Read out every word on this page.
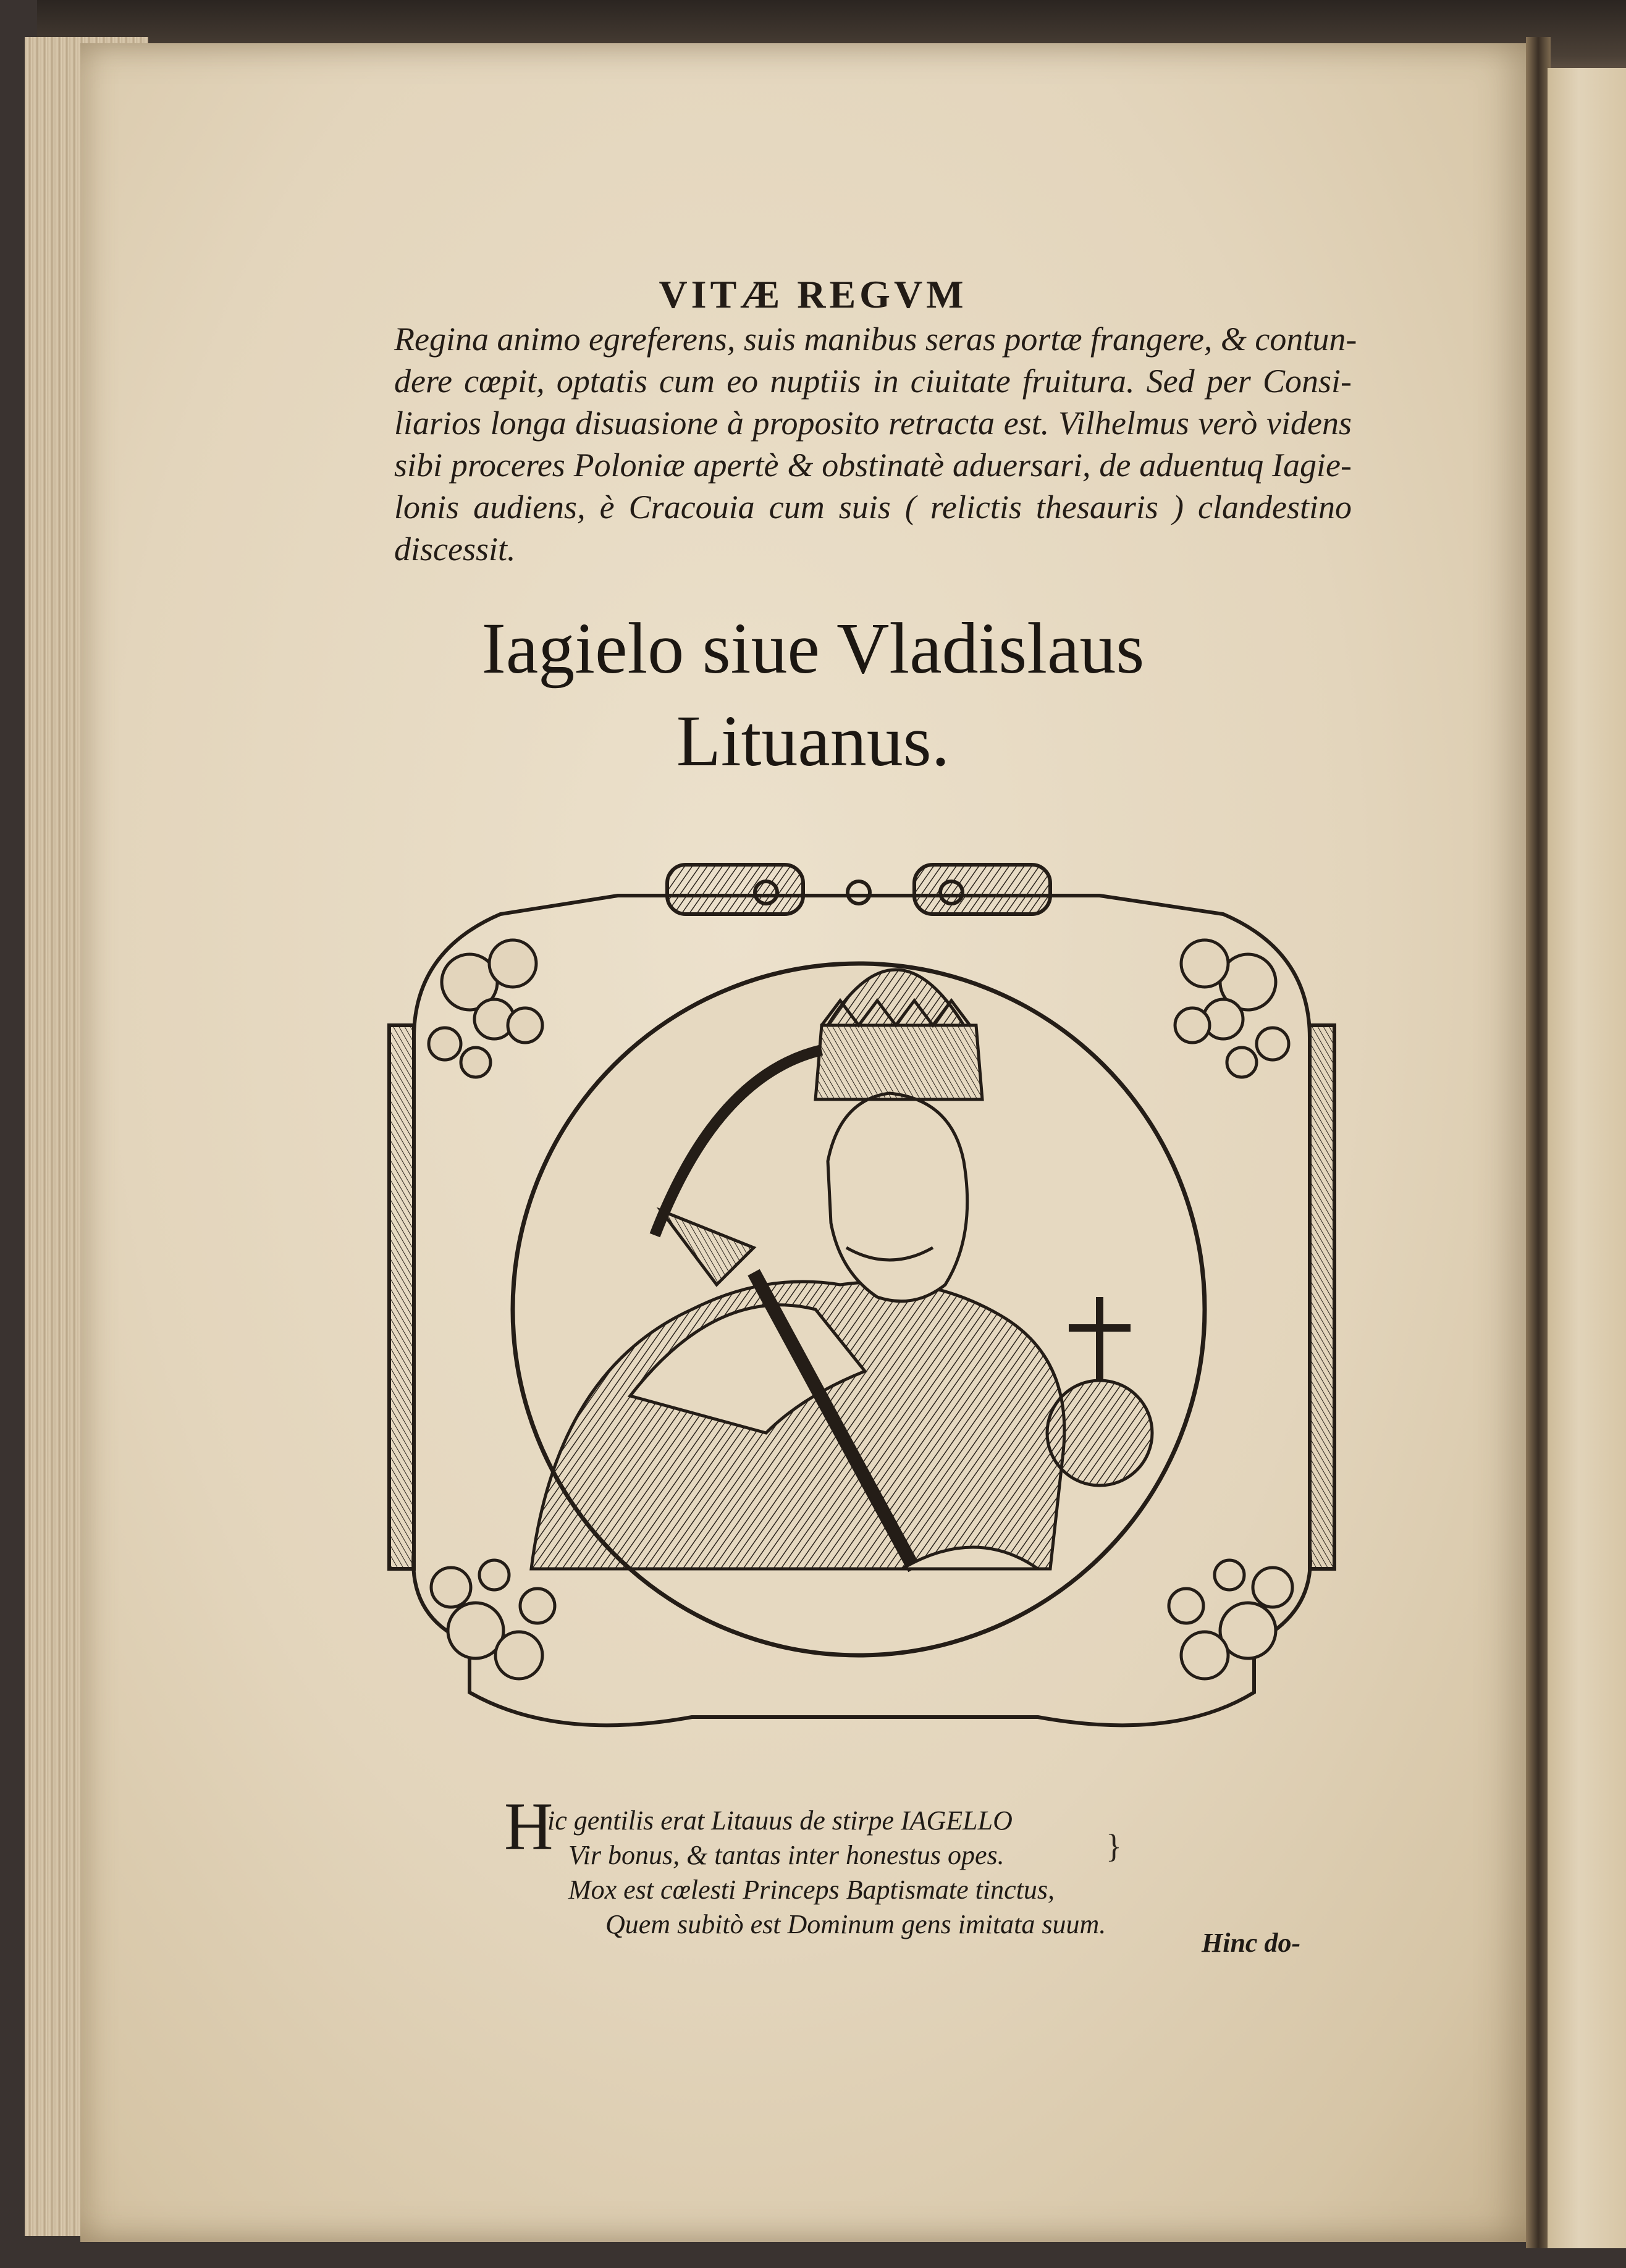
VITÆ REGVM
Regina animo egreferens, suis manibus seras portæ frangere, & contun-
dere cœpit, optatis cum eo nuptiis in ciuitate fruitura. Sed per Consi-
liarios longa disuasione à proposito retracta est. Vilhelmus verò videns
sibi proceres Poloniæ apertè & obstinatè aduersari, de aduentuq Iagie-
lonis audiens, è Cracouia cum suis ( relictis thesauris ) clandestino
discessit.
Iagielo siue Vladislaus
Lituanus.
H
ic gentilis erat Litauus de stirpe IAGELLO
Vir bonus, & tantas inter honestus opes.
Mox est cœlesti Princeps Baptismate tinctus,
Quem subitò est Dominum gens imitata suum.
}
Hinc do-
